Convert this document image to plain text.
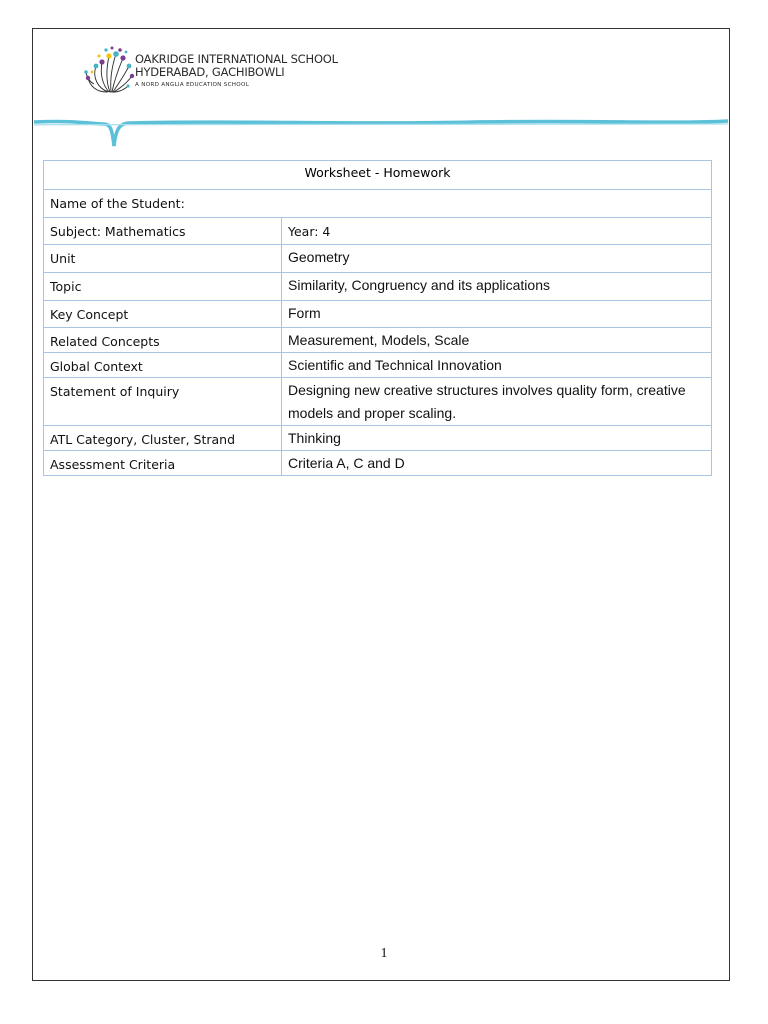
OAKRIDGE INTERNATIONAL SCHOOL
HYDERABAD, GACHIBOWLI
A NORD ANGLIA EDUCATION SCHOOL
Worksheet - Homework	
Name of the Student:	
Subject: Mathematics	Year: 4
Unit	Geometry
Topic	Similarity, Congruency and its applications
Key Concept	Form
Related Concepts	Measurement, Models, Scale
Global Context	Scientific and Technical Innovation
Statement of Inquiry	Designing new creative structures involves quality form, creative models and proper scaling.
ATL Category, Cluster, Strand	Thinking
Assessment Criteria	Criteria A, C and D
1
